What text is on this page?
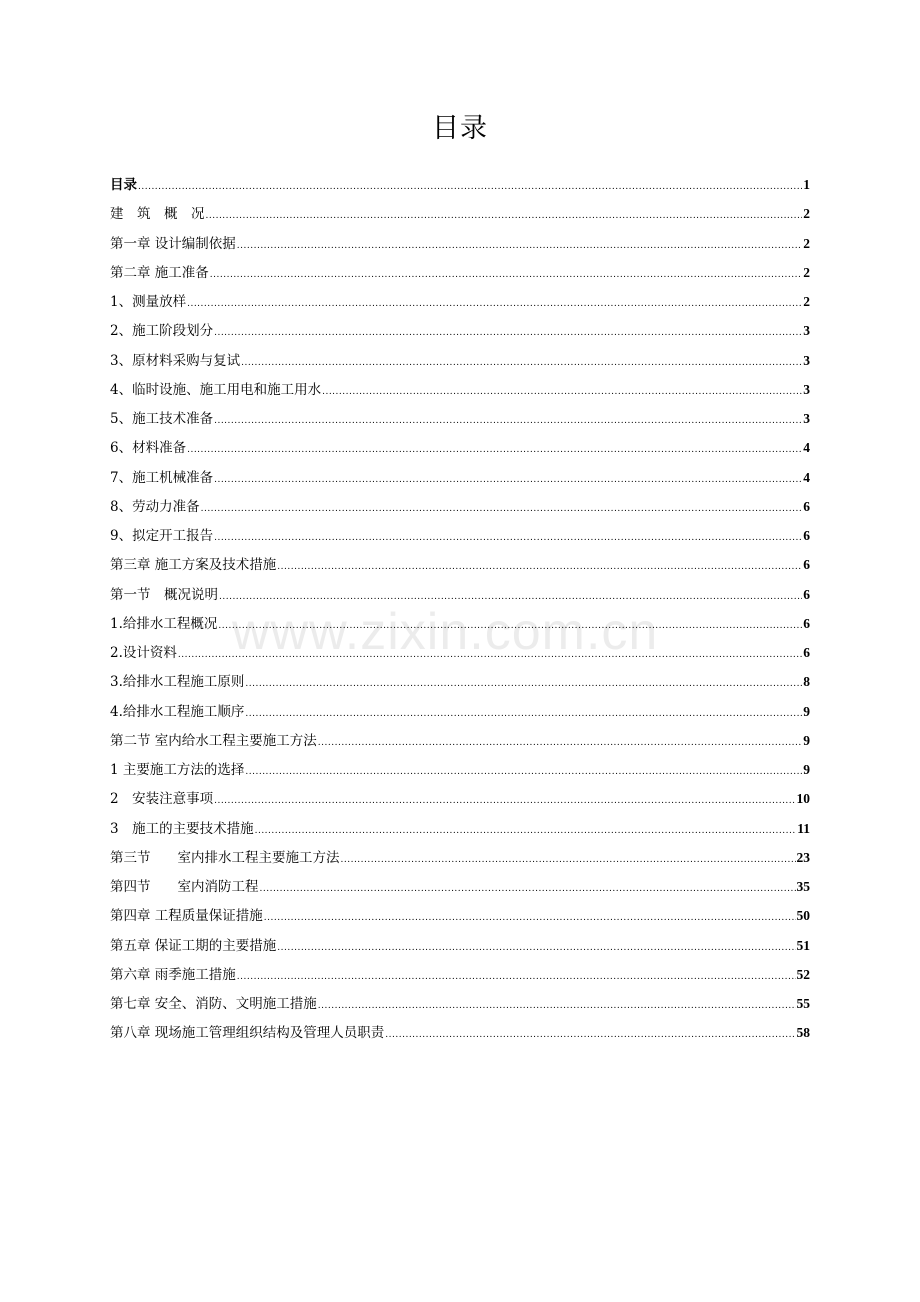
目录
www.zixin.com.cn
目录 .....	1
建　筑　概　况 .....	2
第一章 设计编制依据 .....	2
第二章 施工准备 .....	2
1、测量放样 .....	2
2、施工阶段划分 .....	3
3、原材料采购与复试 .....	3
4、临时设施、施工用电和施工用水 .....	3
5、施工技术准备 .....	3
6、材料准备 .....	4
7、施工机械准备 .....	4
8、劳动力准备 .....	6
9、拟定开工报告 .....	6
第三章 施工方案及技术措施 .....	6
第一节　概况说明 .....	6
1.给排水工程概况 .....	6
2.设计资料 .....	6
3.给排水工程施工原则 .....	8
4.给排水工程施工顺序 .....	9
第二节 室内给水工程主要施工方法 .....	9
1 主要施工方法的选择 .....	9
2　安装注意事项 .....	10
3　施工的主要技术措施 .....	11
第三节　　室内排水工程主要施工方法 .....	23
第四节　　室内消防工程 .....	35
第四章 工程质量保证措施 .....	50
第五章 保证工期的主要措施 .....	51
第六章 雨季施工措施 .....	52
第七章 安全、消防、文明施工措施 .....	55
第八章 现场施工管理组织结构及管理人员职责 .....	58
